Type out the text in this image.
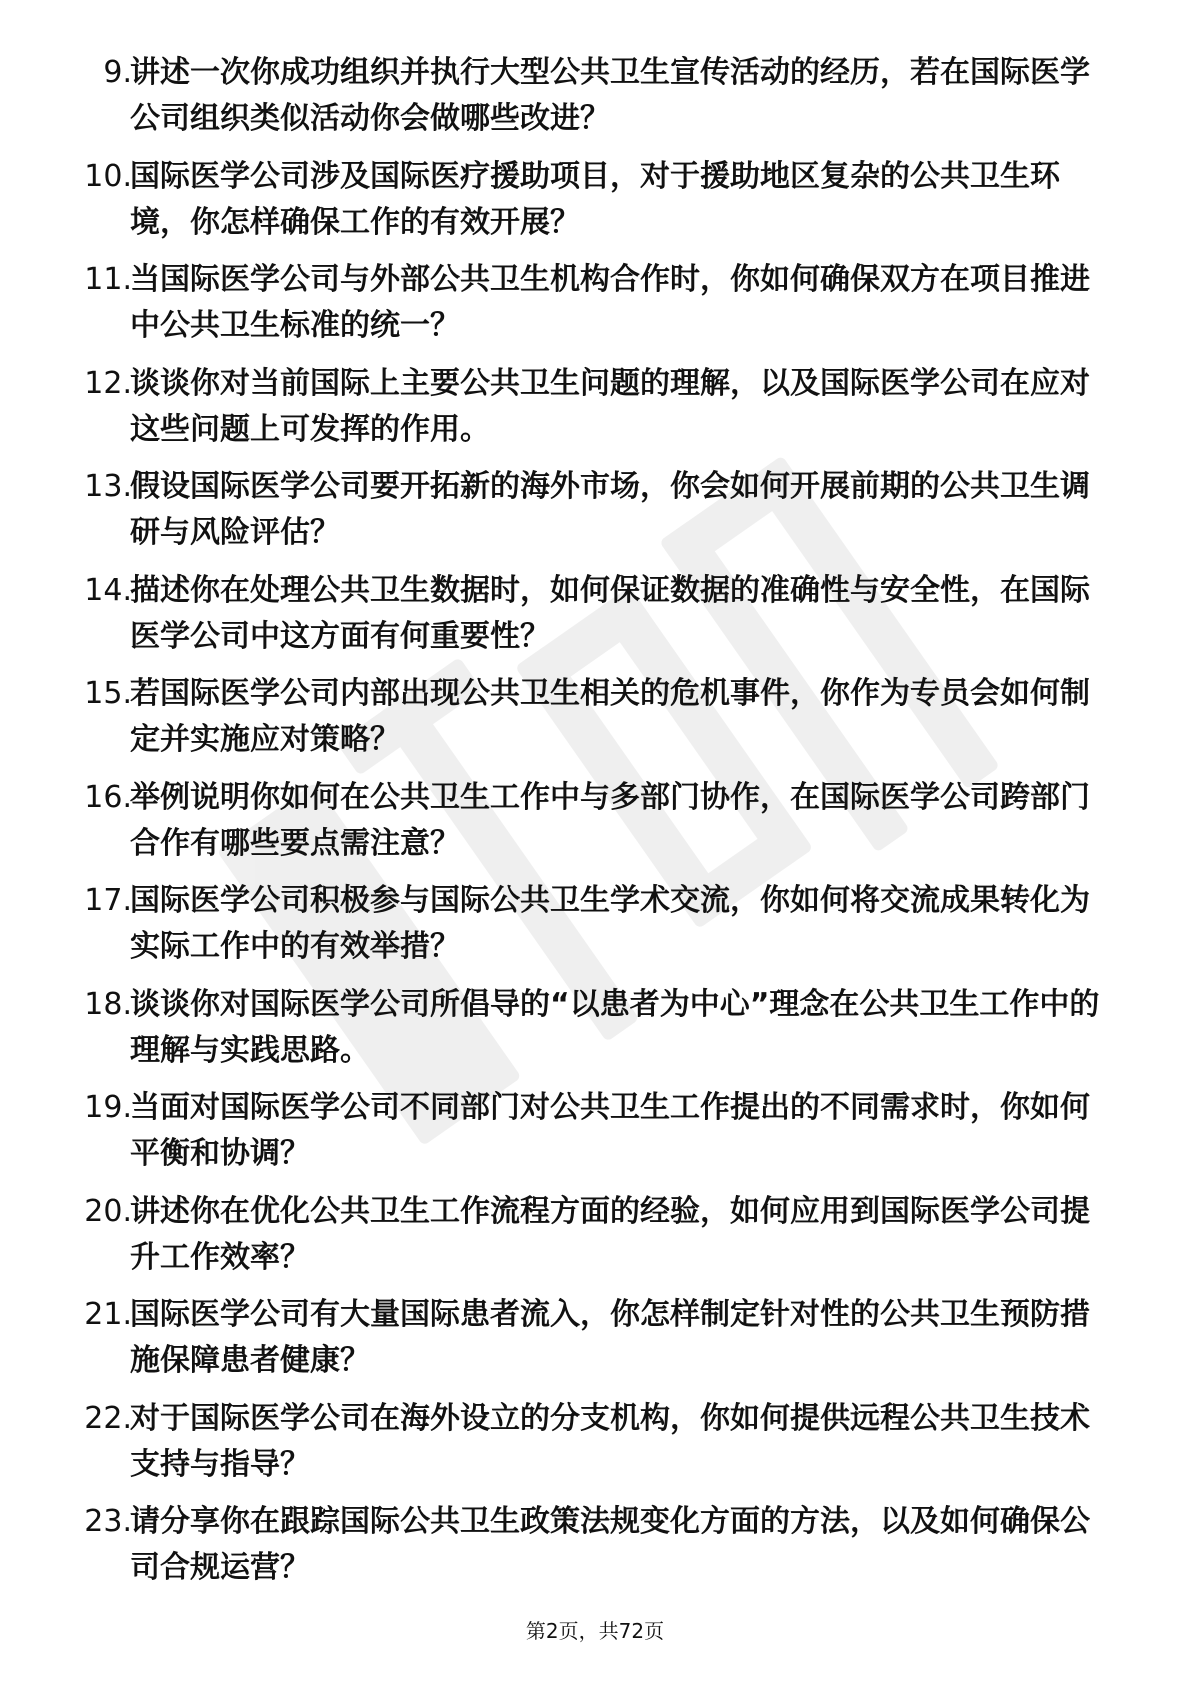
9.
讲述一次你成功组织并执行大型公共卫生宣传活动的经历，若在国际医学公司组织类似活动你会做哪些改进？
10.
国际医学公司涉及国际医疗援助项目，对于援助地区复杂的公共卫生环境，你怎样确保工作的有效开展？
11.
当国际医学公司与外部公共卫生机构合作时，你如何确保双方在项目推进中公共卫生标准的统一？
12.
谈谈你对当前国际上主要公共卫生问题的理解，以及国际医学公司在应对这些问题上可发挥的作用。
13.
假设国际医学公司要开拓新的海外市场，你会如何开展前期的公共卫生调研与风险评估？
14.
描述你在处理公共卫生数据时，如何保证数据的准确性与安全性，在国际医学公司中这方面有何重要性？
15.
若国际医学公司内部出现公共卫生相关的危机事件，你作为专员会如何制定并实施应对策略？
16.
举例说明你如何在公共卫生工作中与多部门协作，在国际医学公司跨部门合作有哪些要点需注意？
17.
国际医学公司积极参与国际公共卫生学术交流，你如何将交流成果转化为实际工作中的有效举措？
18.
谈谈你对国际医学公司所倡导的“以患者为中心”理念在公共卫生工作中的理解与实践思路。
19.
当面对国际医学公司不同部门对公共卫生工作提出的不同需求时，你如何平衡和协调？
20.
讲述你在优化公共卫生工作流程方面的经验，如何应用到国际医学公司提升工作效率？
21.
国际医学公司有大量国际患者流入，你怎样制定针对性的公共卫生预防措施保障患者健康？
22.
对于国际医学公司在海外设立的分支机构，你如何提供远程公共卫生技术支持与指导？
23.
请分享你在跟踪国际公共卫生政策法规变化方面的方法，以及如何确保公司合规运营？
第2页，共72页
